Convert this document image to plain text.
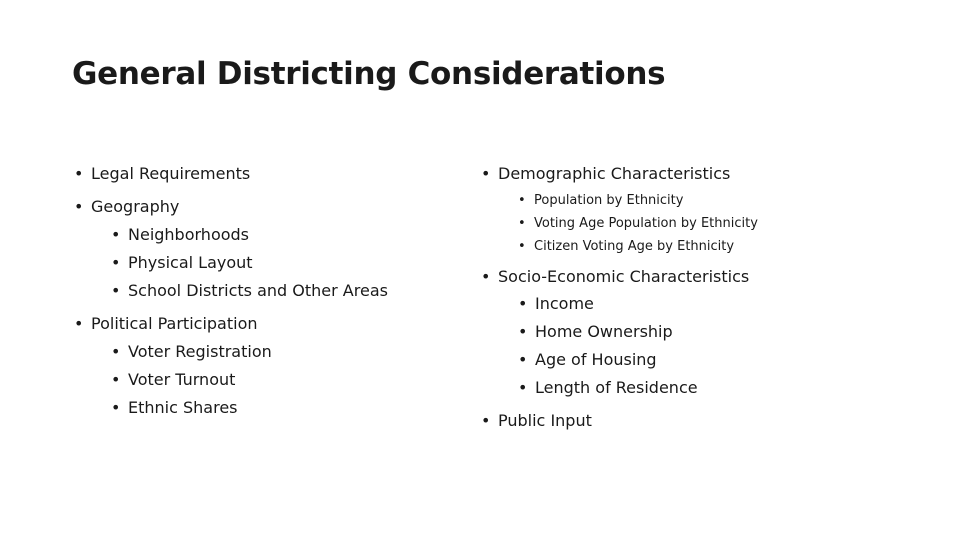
General Districting Considerations
• Legal Requirements
• Geography
• Neighborhoods
• Physical Layout
• School Districts and Other Areas
• Political Participation
• Voter Registration
• Voter Turnout
• Ethnic Shares
• Demographic Characteristics
• Population by Ethnicity
• Voting Age Population by Ethnicity
• Citizen Voting Age by Ethnicity
• Socio-Economic Characteristics
• Income
• Home Ownership
• Age of Housing
• Length of Residence
• Public Input
